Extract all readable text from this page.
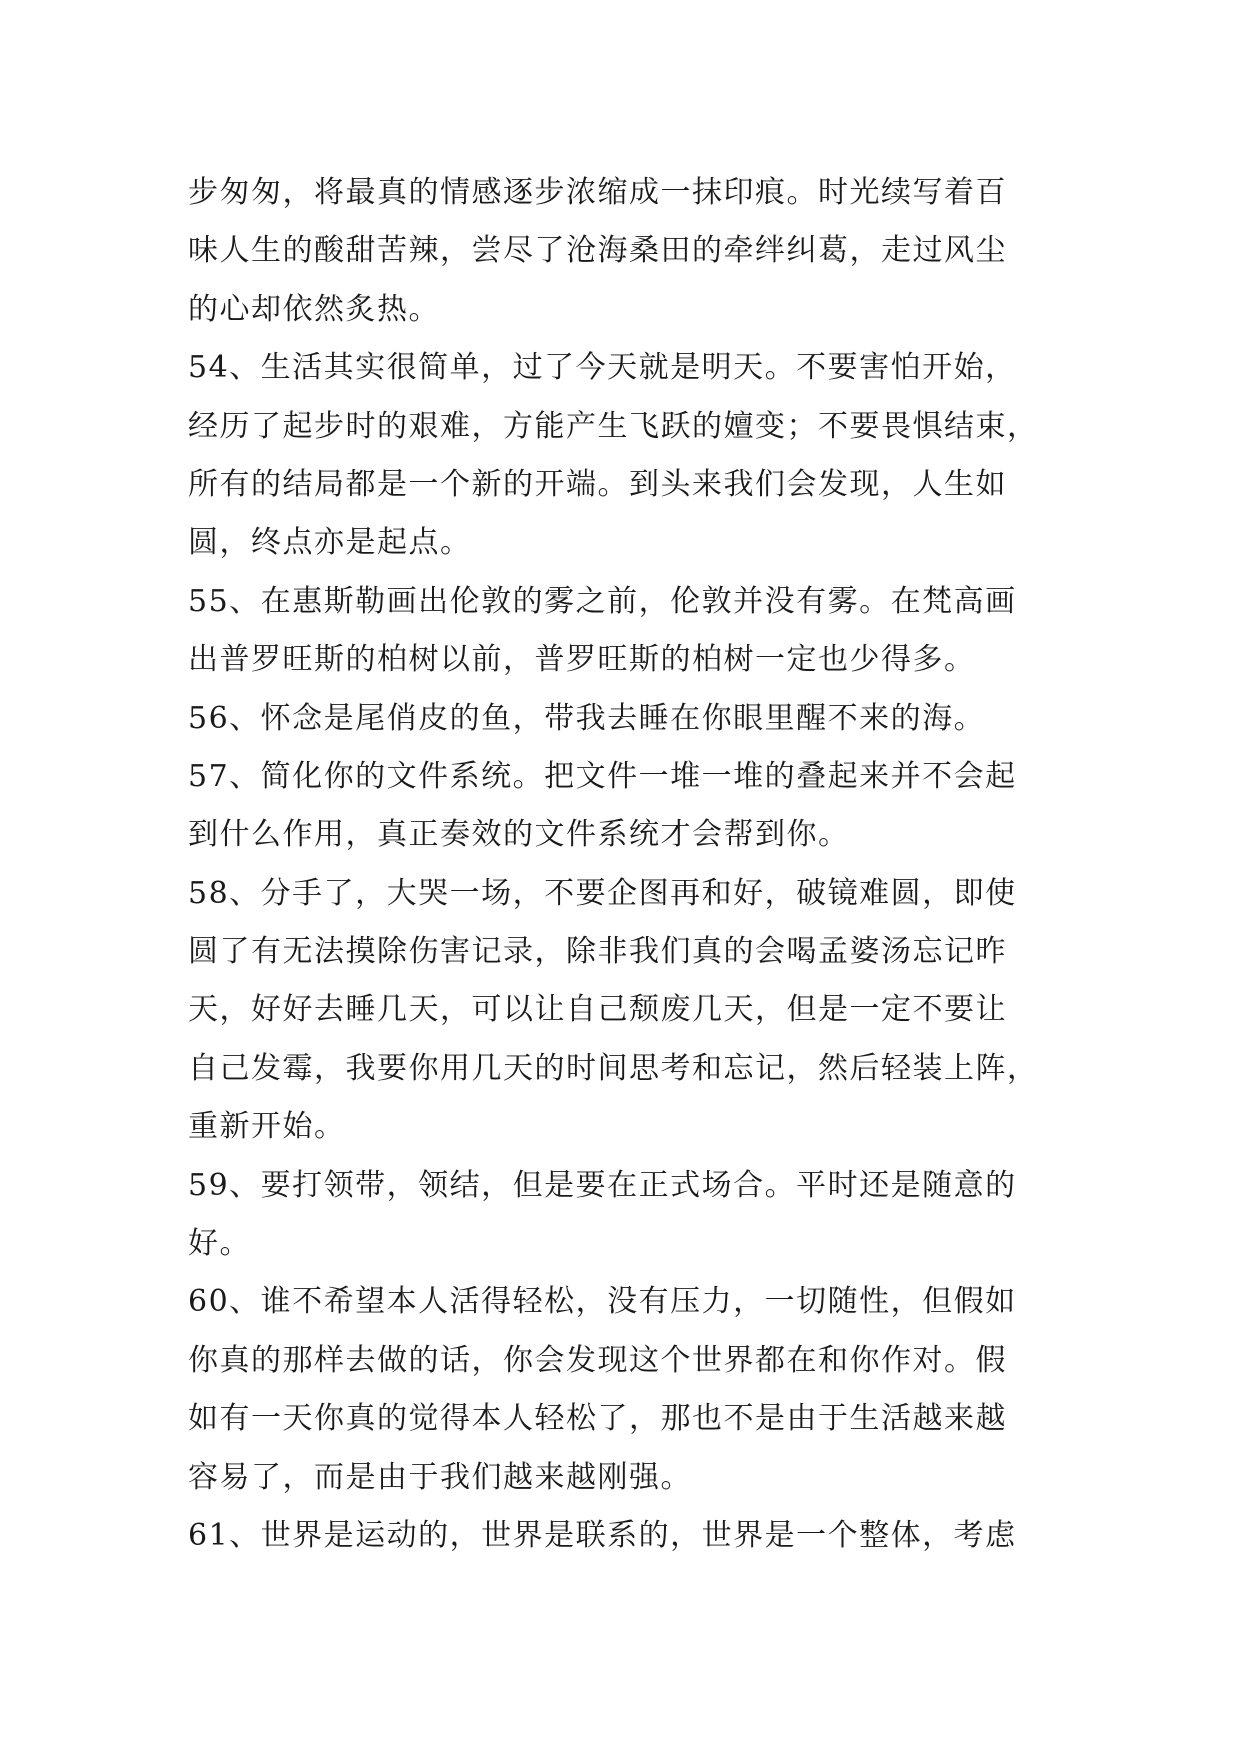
步匆匆，将最真的情感逐步浓缩成一抹印痕。时光续写着百
味人生的酸甜苦辣，尝尽了沧海桑田的牵绊纠葛，走过风尘
的心却依然炙热。
54、生活其实很简单，过了今天就是明天。不要害怕开始，
经历了起步时的艰难，方能产生飞跃的嬗变；不要畏惧结束，
所有的结局都是一个新的开端。到头来我们会发现，人生如
圆，终点亦是起点。
55、在惠斯勒画出伦敦的雾之前，伦敦并没有雾。在梵高画
出普罗旺斯的柏树以前，普罗旺斯的柏树一定也少得多。
56、怀念是尾俏皮的鱼，带我去睡在你眼里醒不来的海。
57、简化你的文件系统。把文件一堆一堆的叠起来并不会起
到什么作用，真正奏效的文件系统才会帮到你。
58、分手了，大哭一场，不要企图再和好，破镜难圆，即使
圆了有无法摸除伤害记录，除非我们真的会喝孟婆汤忘记昨
天，好好去睡几天，可以让自己颓废几天，但是一定不要让
自己发霉，我要你用几天的时间思考和忘记，然后轻装上阵，
重新开始。
59、要打领带，领结，但是要在正式场合。平时还是随意的
好。
60、谁不希望本人活得轻松，没有压力，一切随性，但假如
你真的那样去做的话，你会发现这个世界都在和你作对。假
如有一天你真的觉得本人轻松了，那也不是由于生活越来越
容易了，而是由于我们越来越刚强。
61、世界是运动的，世界是联系的，世界是一个整体，考虑
